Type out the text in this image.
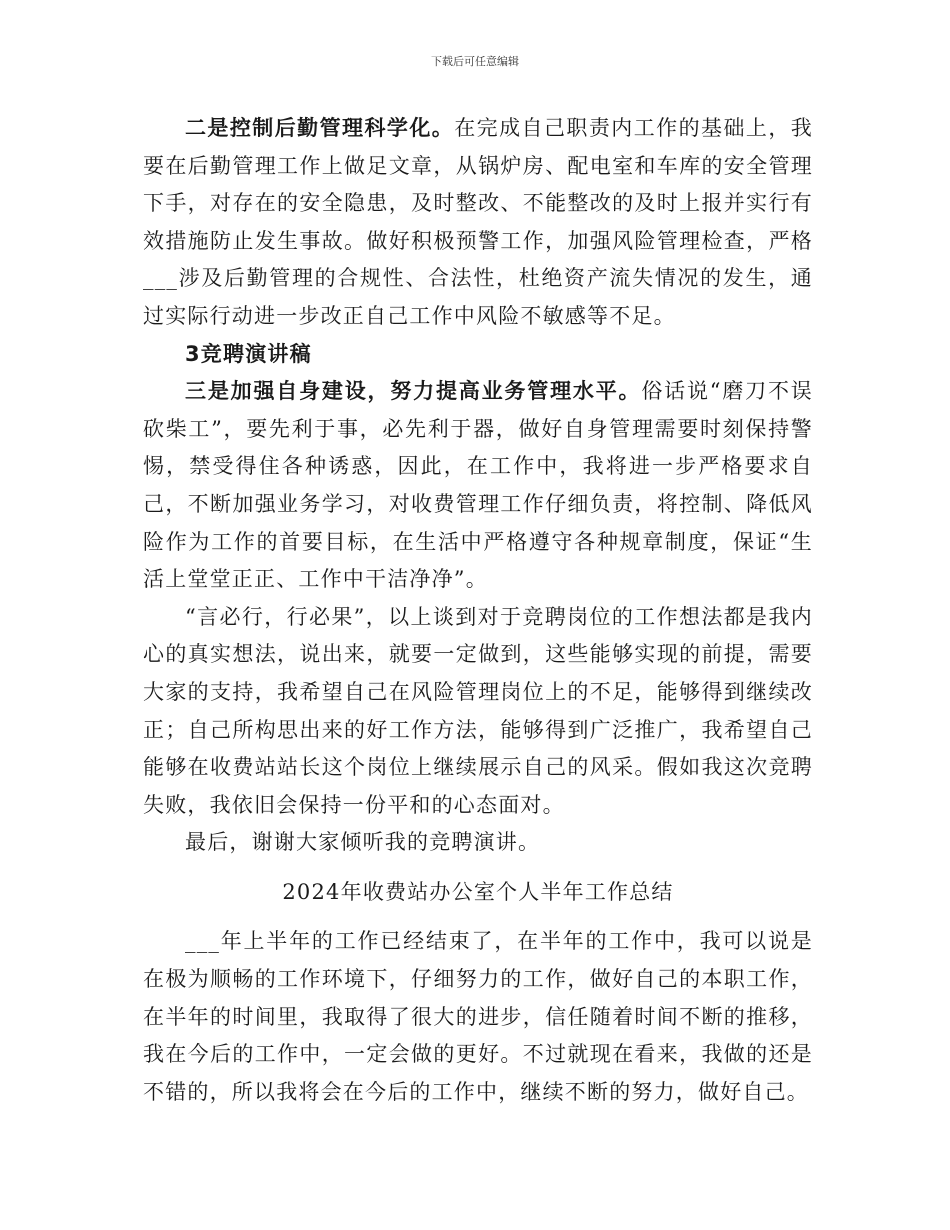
下载后可任意编辑

二是控制后勤管理科学化。在完成自己职责内工作的基础上，我要在后勤管理工作上做足文章，从锅炉房、配电室和车库的安全管理下手，对存在的安全隐患，及时整改、不能整改的及时上报并实行有效措施防止发生事故。做好积极预警工作，加强风险管理检查，严格___涉及后勤管理的合规性、合法性，杜绝资产流失情况的发生，通过实际行动进一步改正自己工作中风险不敏感等不足。

3竞聘演讲稿

三是加强自身建设，努力提高业务管理水平。俗话说“磨刀不误砍柴工”，要先利于事，必先利于器，做好自身管理需要时刻保持警惕，禁受得住各种诱惑，因此，在工作中，我将进一步严格要求自己，不断加强业务学习，对收费管理工作仔细负责，将控制、降低风险作为工作的首要目标，在生活中严格遵守各种规章制度，保证“生活上堂堂正正、工作中干洁净净”。

“言必行，行必果”，以上谈到对于竞聘岗位的工作想法都是我内心的真实想法，说出来，就要一定做到，这些能够实现的前提，需要大家的支持，我希望自己在风险管理岗位上的不足，能够得到继续改正；自己所构思出来的好工作方法，能够得到广泛推广，我希望自己能够在收费站站长这个岗位上继续展示自己的风采。假如我这次竞聘失败，我依旧会保持一份平和的心态面对。

最后，谢谢大家倾听我的竞聘演讲。

2024年收费站办公室个人半年工作总结

___年上半年的工作已经结束了，在半年的工作中，我可以说是在极为顺畅的工作环境下，仔细努力的工作，做好自己的本职工作，在半年的时间里，我取得了很大的进步，信任随着时间不断的推移，我在今后的工作中，一定会做的更好。不过就现在看来，我做的还是不错的，所以我将会在今后的工作中，继续不断的努力，做好自己。
